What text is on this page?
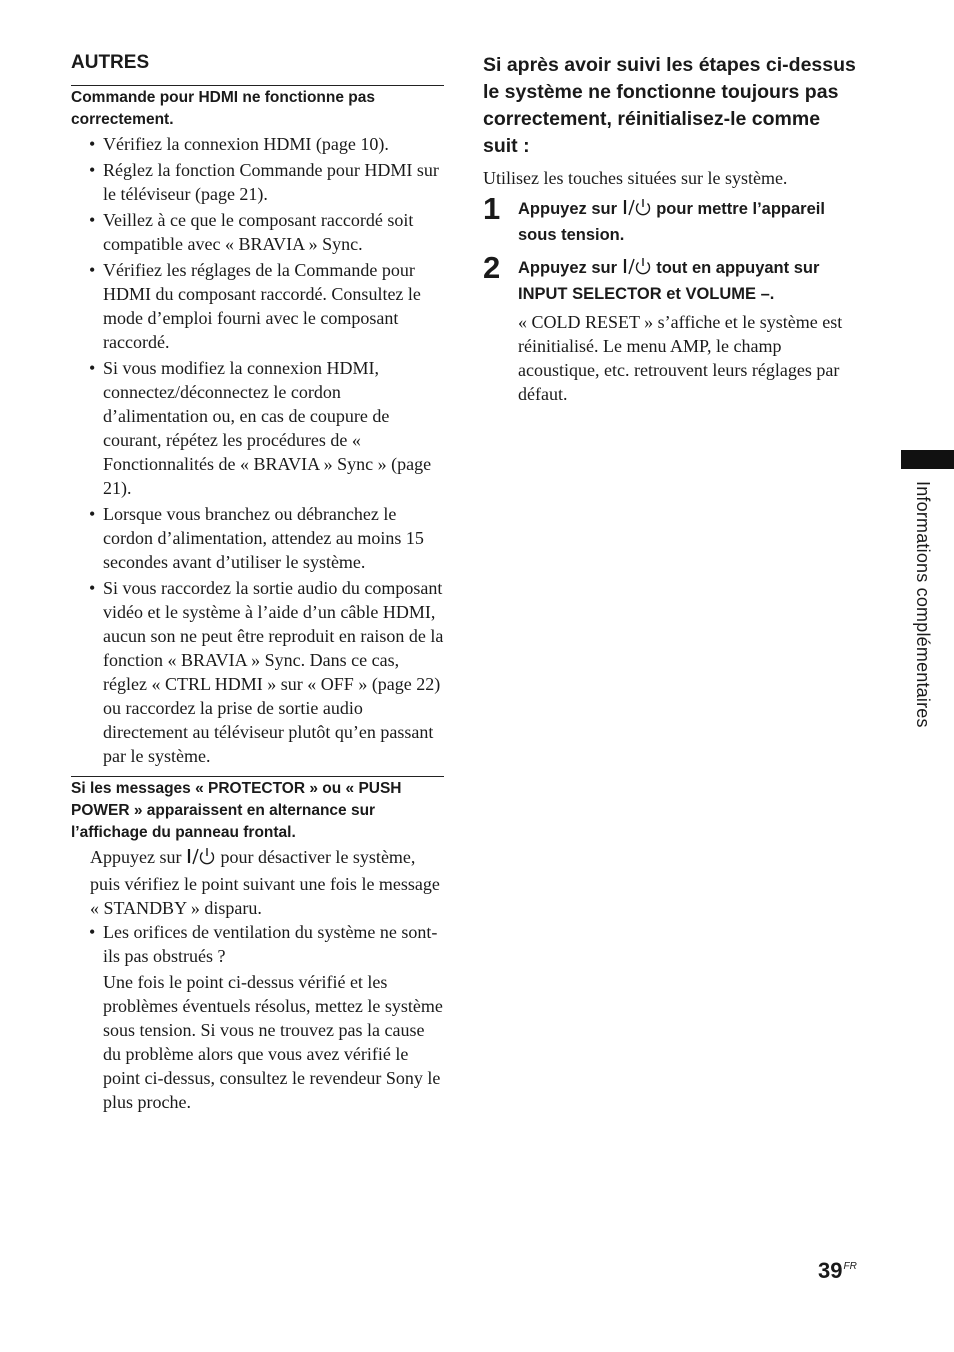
AUTRES
Commande pour HDMI ne fonctionne pas correctement.
• Vérifiez la connexion HDMI (page 10).
• Réglez la fonction Commande pour HDMI sur le téléviseur (page 21).
• Veillez à ce que le composant raccordé soit compatible avec « BRAVIA » Sync.
• Vérifiez les réglages de la Commande pour HDMI du composant raccordé. Consultez le mode d’emploi fourni avec le composant raccordé.
• Si vous modifiez la connexion HDMI, connectez/déconnectez le cordon d’alimentation ou, en cas de coupure de courant, répétez les procédures de « Fonctionnalités de « BRAVIA » Sync » (page 21).
• Lorsque vous branchez ou débranchez le cordon d’alimentation, attendez au moins 15 secondes avant d’utiliser le système.
• Si vous raccordez la sortie audio du composant vidéo et le système à l’aide d’un câble HDMI, aucun son ne peut être reproduit en raison de la fonction « BRAVIA » Sync. Dans ce cas, réglez « CTRL HDMI » sur « OFF » (page 22) ou raccordez la prise de sortie audio directement au téléviseur plutôt qu’en passant par le système.
Si les messages « PROTECTOR » ou « PUSH POWER » apparaissent en alternance sur l’affichage du panneau frontal.

Appuyez sur pour désactiver le système, puis vérifiez le point suivant une fois le message « STANDBY » disparu.

• Les orifices de ventilation du système ne sont-ils pas obstrués ?

Une fois le point ci-dessus vérifié et les problèmes éventuels résolus, mettez le système sous tension. Si vous ne trouvez pas la cause du problème alors que vous avez vérifié le point ci-dessus, consultez le revendeur Sony le plus proche.

Si après avoir suivi les étapes ci-dessus le système ne fonctionne toujours pas correctement, réinitialisez-le comme suit :

Utilisez les touches situées sur le système.

1 Appuyez sur pour mettre l’appareil sous tension.
2 Appuyez sur tout en appuyant sur INPUT SELECTOR et VOLUME –.
« COLD RESET » s’affiche et le système est réinitialisé. Le menu AMP, le champ acoustique, etc. retrouvent leurs réglages par défaut.
Informations complémentaires
$39^{FR}$
